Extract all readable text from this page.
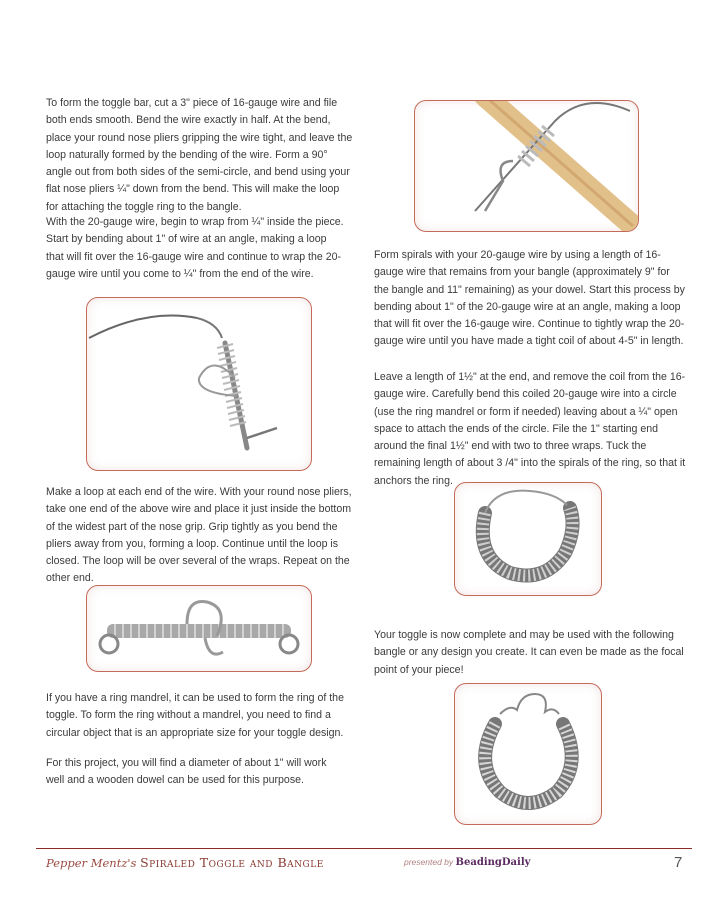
To form the toggle bar, cut a 3" piece of 16-gauge wire and file both ends smooth. Bend the wire exactly in half. At the bend, place your round nose pliers gripping the wire tight, and leave the loop naturally formed by the bending of the wire. Form a 90° angle out from both sides of the semi-circle, and bend using your flat nose pliers ¼" down from the bend. This will make the loop for attaching the toggle ring to the bangle.

With the 20-gauge wire, begin to wrap from ¼" inside the piece. Start by bending about 1" of wire at an angle, making a loop that will fit over the 16-gauge wire and continue to wrap the 20-gauge wire until you come to ¼" from the end of the wire.

Make a loop at each end of the wire. With your round nose pliers, take one end of the above wire and place it just inside the bottom of the widest part of the nose grip. Grip tightly as you bend the pliers away from you, forming a loop. Continue until the loop is closed. The loop will be over several of the wraps. Repeat on the other end.

If you have a ring mandrel, it can be used to form the ring of the toggle. To form the ring without a mandrel, you need to find a circular object that is an appropriate size for your toggle design.

For this project, you will find a diameter of about 1" will work well and a wooden dowel can be used for this purpose.

Form spirals with your 20-gauge wire by using a length of 16-gauge wire that remains from your bangle (approximately 9" for the bangle and 11" remaining) as your dowel. Start this process by bending about 1" of the 20-gauge wire at an angle, making a loop that will fit over the 16-gauge wire. Continue to tightly wrap the 20-gauge wire until you have made a tight coil of about 4-5" in length.

Leave a length of 1½" at the end, and remove the coil from the 16-gauge wire. Carefully bend this coiled 20-gauge wire into a circle (use the ring mandrel or form if needed) leaving about a ¼" open space to attach the ends of the circle. File the 1" starting end around the final 1½" end with two to three wraps. Tuck the remaining length of about 3 /4" into the spirals of the ring, so that it anchors the ring.

Your toggle is now complete and may be used with the following bangle or any design you create. It can even be made as the focal point of your piece!

Pepper Mentz's Spiraled Toggle and Bangle	presented by BeadingDaily	7
